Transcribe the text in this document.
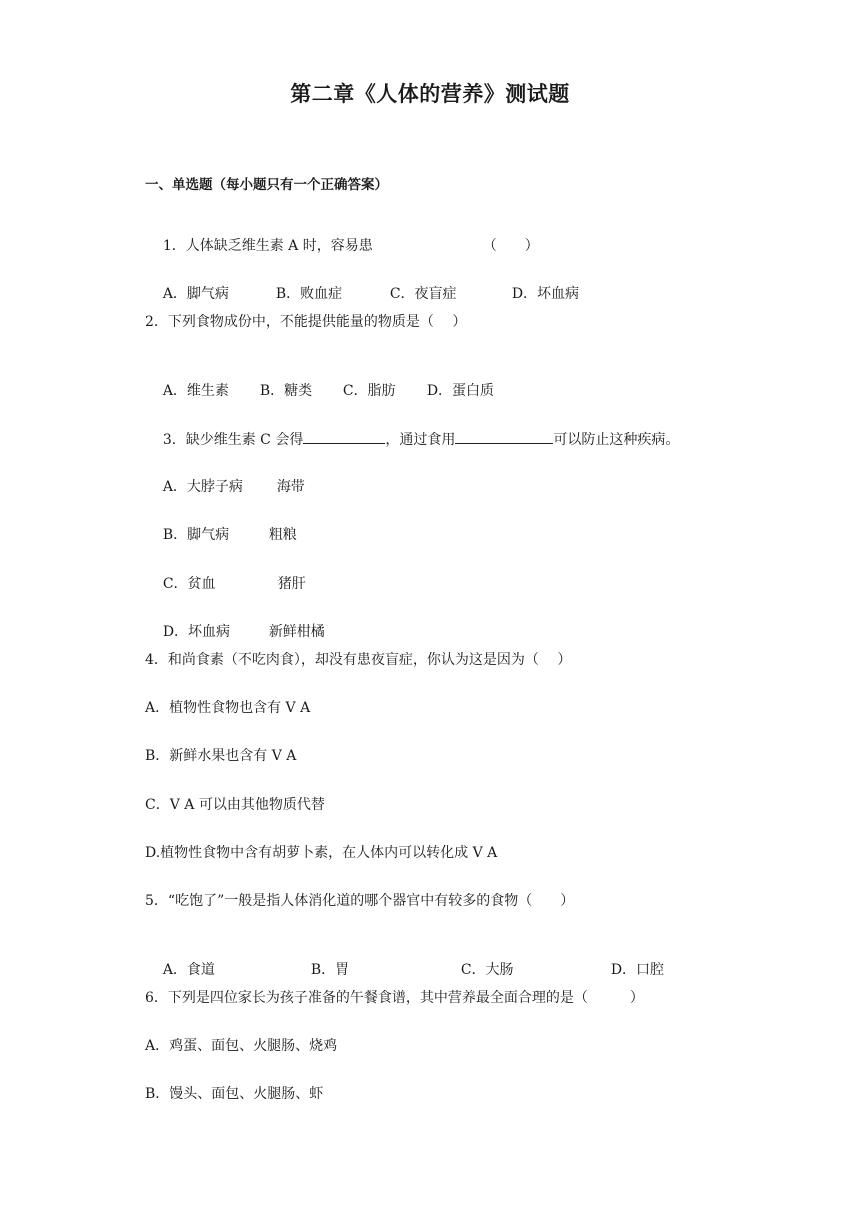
第二章《人体的营养》测试题
一、单选题（每小题只有一个正确答案）

1．人体缺乏维生素 A 时，容易患	（　　）

A．脚气病	B．败血症	C．夜盲症	D．坏血病

2．下列食物成份中，不能提供能量的物质是（　 ）

A．维生素 B．糖类 C．脂肪 D．蛋白质

3．缺少维生素 C 会得	，通过食用	可以防止这种疾病。

A．大脖子病 海带

B．脚气病	粗粮

C．贫血	猪肝

D．坏血病	新鲜柑橘

4．和尚食素（不吃肉食），却没有患夜盲症，你认为这是因为（　 ）
A．植物性食物也含有 V A
B．新鲜水果也含有 V A
C．V A 可以由其他物质代替
D.植物性食物中含有胡萝卜素，在人体内可以转化成 V A
5．“吃饱了”一般是指人体消化道的哪个器官中有较多的食物（　　）

A．食道	B．胃	C．大肠	D．口腔

6．下列是四位家长为孩子准备的午餐食谱，其中营养最全面合理的是（　　　）
A．鸡蛋、面包、火腿肠、烧鸡
B．馒头、面包、火腿肠、虾
